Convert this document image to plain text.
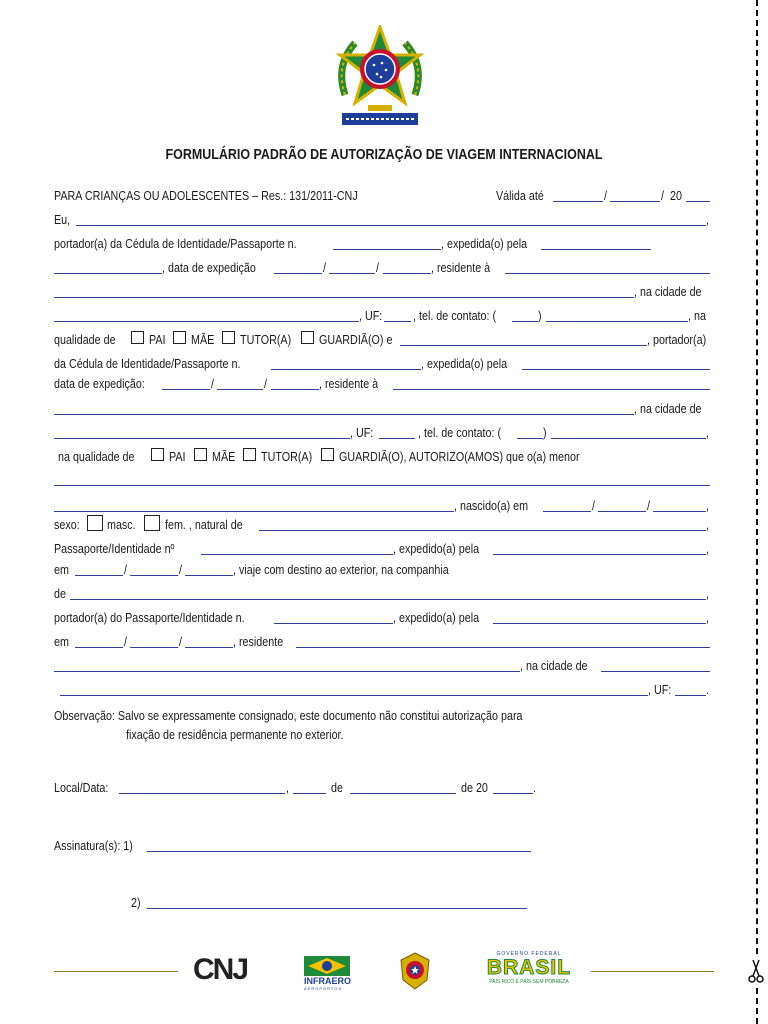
FORMULÁRIO PADRÃO DE AUTORIZAÇÃO DE VIAGEM INTERNACIONAL
PARA CRIANÇAS OU ADOLESCENTES – Res.: 131/2011-CNJ	Válida até	/	/ 20
Eu,	,
portador(a) da Cédula de Identidade/Passaporte n.	, expedida(o) pela
, data de expedição	/	/	, residente à
, na cidade de
, UF: , tel. de contato: (	)	, na
qualidade de	PAI MÃE TUTOR(A) GUARDIÃ(O) e	, portador(a)
da Cédula de Identidade/Passaporte n.	, expedida(o) pela
data de expedição:	/	/	, residente à
, na cidade de
, UF:	, tel. de contato: (	)	,
na qualidade de	PAI MÃE TUTOR(A) GUARDIÃ(O), AUTORIZO(AMOS) que o(a) menor
, nascido(a) em	/	/	,
sexo: masc. fem. , natural de	,
Passaporte/Identidade nº	, expedido(a) pela	,
em	/	/	, viaje com destino ao exterior, na companhia
de	,
portador(a) do Passaporte/Identidade n.	, expedido(a) pela	,
em	/	/	, residente
, na cidade de
, UF:	.
Observação: Salvo se expressamente consignado, este documento não constitui autorização para
fixação de residência permanente no exterior.
Local/Data:	,	de	de 20	.
Assinatura(s): 1)
2)
CNJ	INFRAERO
AEROPORTOS
GOVERNO FEDERAL
BRASIL
PAÍS RICO É PAÍS SEM POBREZA
